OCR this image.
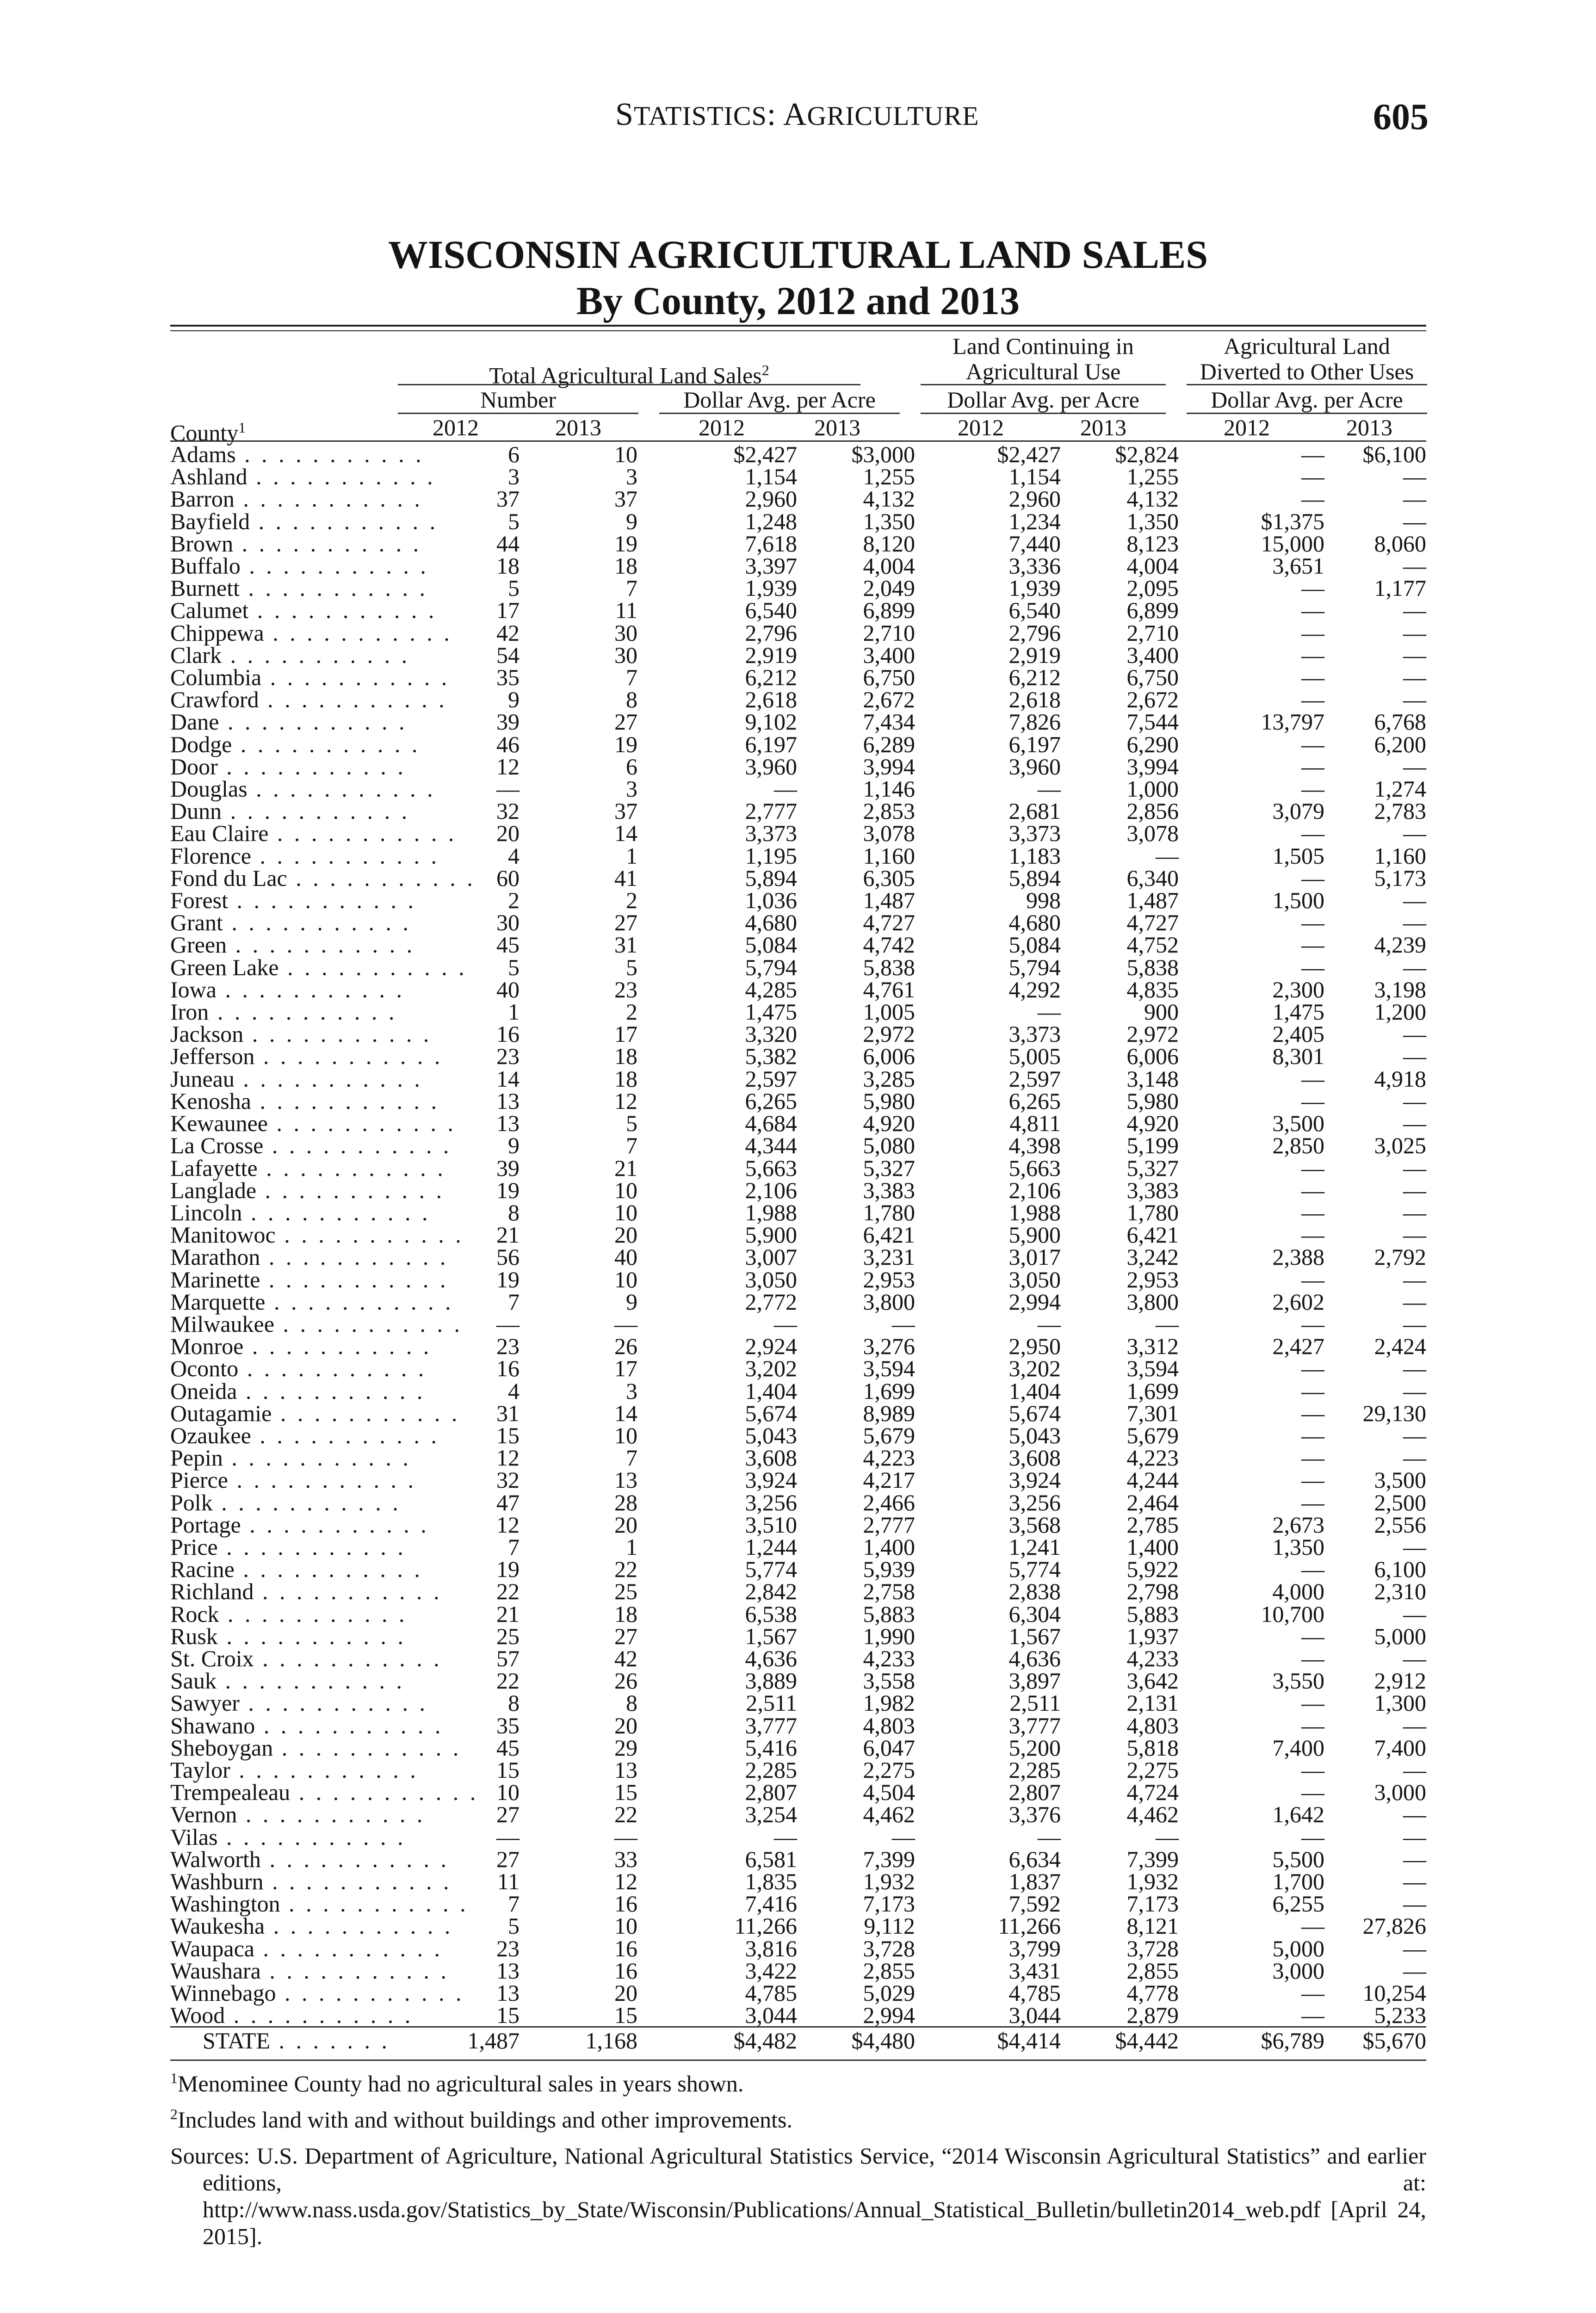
STATISTICS: AGRICULTURE	605
WISCONSIN AGRICULTURAL LAND SALES
By County, 2012 and 2013
Total Agricultural Land Sales$^2$
Land Continuing in
Agricultural Use
Agricultural Land
Diverted to Other Uses
Number	Dollar Avg. per Acre	Dollar Avg. per Acre	Dollar Avg. per Acre
County$^1$	2012	2013	2012	2013	2012	2013	2012	2013
Adams . . . . . . . . . . .	6	10	$2,427	$3,000	$2,427	$2,824	—	$6,100
Ashland . . . . . . . . . . .	3	3	1,154	1,255	1,154	1,255	—	—
Barron . . . . . . . . . . .	37	37	2,960	4,132	2,960	4,132	—	—
Bayfield . . . . . . . . . . .	5	9	1,248	1,350	1,234	1,350	$1,375	—
Brown . . . . . . . . . . .	44	19	7,618	8,120	7,440	8,123	15,000	8,060
Buffalo . . . . . . . . . . .	18	18	3,397	4,004	3,336	4,004	3,651	—
Burnett . . . . . . . . . . .	5	7	1,939	2,049	1,939	2,095	—	1,177
Calumet . . . . . . . . . . .	17	11	6,540	6,899	6,540	6,899	—	—
Chippewa . . . . . . . . . . .	42	30	2,796	2,710	2,796	2,710	—	—
Clark . . . . . . . . . . .	54	30	2,919	3,400	2,919	3,400	—	—
Columbia . . . . . . . . . . .	35	7	6,212	6,750	6,212	6,750	—	—
Crawford . . . . . . . . . . .	9	8	2,618	2,672	2,618	2,672	—	—
Dane . . . . . . . . . . .	39	27	9,102	7,434	7,826	7,544	13,797	6,768
Dodge . . . . . . . . . . .	46	19	6,197	6,289	6,197	6,290	—	6,200
Door . . . . . . . . . . .	12	6	3,960	3,994	3,960	3,994	—	—
Douglas . . . . . . . . . . .	—	3	—	1,146	—	1,000	—	1,274
Dunn . . . . . . . . . . .	32	37	2,777	2,853	2,681	2,856	3,079	2,783
Eau Claire . . . . . . . . . . .	20	14	3,373	3,078	3,373	3,078	—	—
Florence . . . . . . . . . . .	4	1	1,195	1,160	1,183	—	1,505	1,160
Fond du Lac . . . . . . . . . . .	60	41	5,894	6,305	5,894	6,340	—	5,173
Forest . . . . . . . . . . .	2	2	1,036	1,487	998	1,487	1,500	—
Grant . . . . . . . . . . .	30	27	4,680	4,727	4,680	4,727	—	—
Green . . . . . . . . . . .	45	31	5,084	4,742	5,084	4,752	—	4,239
Green Lake . . . . . . . . . . .	5	5	5,794	5,838	5,794	5,838	—	—
Iowa . . . . . . . . . . .	40	23	4,285	4,761	4,292	4,835	2,300	3,198
Iron . . . . . . . . . . .	1	2	1,475	1,005	—	900	1,475	1,200
Jackson . . . . . . . . . . .	16	17	3,320	2,972	3,373	2,972	2,405	—
Jefferson . . . . . . . . . . .	23	18	5,382	6,006	5,005	6,006	8,301	—
Juneau . . . . . . . . . . .	14	18	2,597	3,285	2,597	3,148	—	4,918
Kenosha . . . . . . . . . . .	13	12	6,265	5,980	6,265	5,980	—	—
Kewaunee . . . . . . . . . . .	13	5	4,684	4,920	4,811	4,920	3,500	—
La Crosse . . . . . . . . . . .	9	7	4,344	5,080	4,398	5,199	2,850	3,025
Lafayette . . . . . . . . . . .	39	21	5,663	5,327	5,663	5,327	—	—
Langlade . . . . . . . . . . .	19	10	2,106	3,383	2,106	3,383	—	—
Lincoln . . . . . . . . . . .	8	10	1,988	1,780	1,988	1,780	—	—
Manitowoc . . . . . . . . . . .	21	20	5,900	6,421	5,900	6,421	—	—
Marathon . . . . . . . . . . .	56	40	3,007	3,231	3,017	3,242	2,388	2,792
Marinette . . . . . . . . . . .	19	10	3,050	2,953	3,050	2,953	—	—
Marquette . . . . . . . . . . .	7	9	2,772	3,800	2,994	3,800	2,602	—
Milwaukee . . . . . . . . . . .	—	—	—	—	—	—	—	—
Monroe . . . . . . . . . . .	23	26	2,924	3,276	2,950	3,312	2,427	2,424
Oconto . . . . . . . . . . .	16	17	3,202	3,594	3,202	3,594	—	—
Oneida . . . . . . . . . . .	4	3	1,404	1,699	1,404	1,699	—	—
Outagamie . . . . . . . . . . .	31	14	5,674	8,989	5,674	7,301	—	29,130
Ozaukee . . . . . . . . . . .	15	10	5,043	5,679	5,043	5,679	—	—
Pepin . . . . . . . . . . .	12	7	3,608	4,223	3,608	4,223	—	—
Pierce . . . . . . . . . . .	32	13	3,924	4,217	3,924	4,244	—	3,500
Polk . . . . . . . . . . .	47	28	3,256	2,466	3,256	2,464	—	2,500
Portage . . . . . . . . . . .	12	20	3,510	2,777	3,568	2,785	2,673	2,556
Price . . . . . . . . . . .	7	1	1,244	1,400	1,241	1,400	1,350	—
Racine . . . . . . . . . . .	19	22	5,774	5,939	5,774	5,922	—	6,100
Richland . . . . . . . . . . .	22	25	2,842	2,758	2,838	2,798	4,000	2,310
Rock . . . . . . . . . . .	21	18	6,538	5,883	6,304	5,883	10,700	—
Rusk . . . . . . . . . . .	25	27	1,567	1,990	1,567	1,937	—	5,000
St. Croix . . . . . . . . . . .	57	42	4,636	4,233	4,636	4,233	—	—
Sauk . . . . . . . . . . .	22	26	3,889	3,558	3,897	3,642	3,550	2,912
Sawyer . . . . . . . . . . .	8	8	2,511	1,982	2,511	2,131	—	1,300
Shawano . . . . . . . . . . .	35	20	3,777	4,803	3,777	4,803	—	—
Sheboygan . . . . . . . . . . .	45	29	5,416	6,047	5,200	5,818	7,400	7,400
Taylor . . . . . . . . . . .	15	13	2,285	2,275	2,285	2,275	—	—
Trempealeau . . . . . . . . . . .	10	15	2,807	4,504	2,807	4,724	—	3,000
Vernon . . . . . . . . . . .	27	22	3,254	4,462	3,376	4,462	1,642	—
Vilas . . . . . . . . . . .	—	—	—	—	—	—	—	—
Walworth . . . . . . . . . . .	27	33	6,581	7,399	6,634	7,399	5,500	—
Washburn . . . . . . . . . . .	11	12	1,835	1,932	1,837	1,932	1,700	—
Washington . . . . . . . . . . .	7	16	7,416	7,173	7,592	7,173	6,255	—
Waukesha . . . . . . . . . . .	5	10	11,266	9,112	11,266	8,121	—	27,826
Waupaca . . . . . . . . . . .	23	16	3,816	3,728	3,799	3,728	5,000	—
Waushara . . . . . . . . . . .	13	16	3,422	2,855	3,431	2,855	3,000	—
Winnebago . . . . . . . . . . .	13	20	4,785	5,029	4,785	4,778	—	10,254
Wood . . . . . . . . . . .	15	15	3,044	2,994	3,044	2,879	—	5,233
STATE . . . . . . .	1,487	1,168	$4,482	$4,480	$4,414	$4,442	$6,789	$5,670

$^1$Menominee County had no agricultural sales in years shown.

$^2$Includes land with and without buildings and other improvements.

Sources: U.S. Department of Agriculture, National Agricultural Statistics Service, “2014 Wisconsin Agricultural Statistics” and earlier editions, at: http://www.nass.usda.gov/Statistics_by_State/Wisconsin/Publications/Annual_Statistical_Bulletin/bulletin2014_web.pdf [April 24, 2015].
